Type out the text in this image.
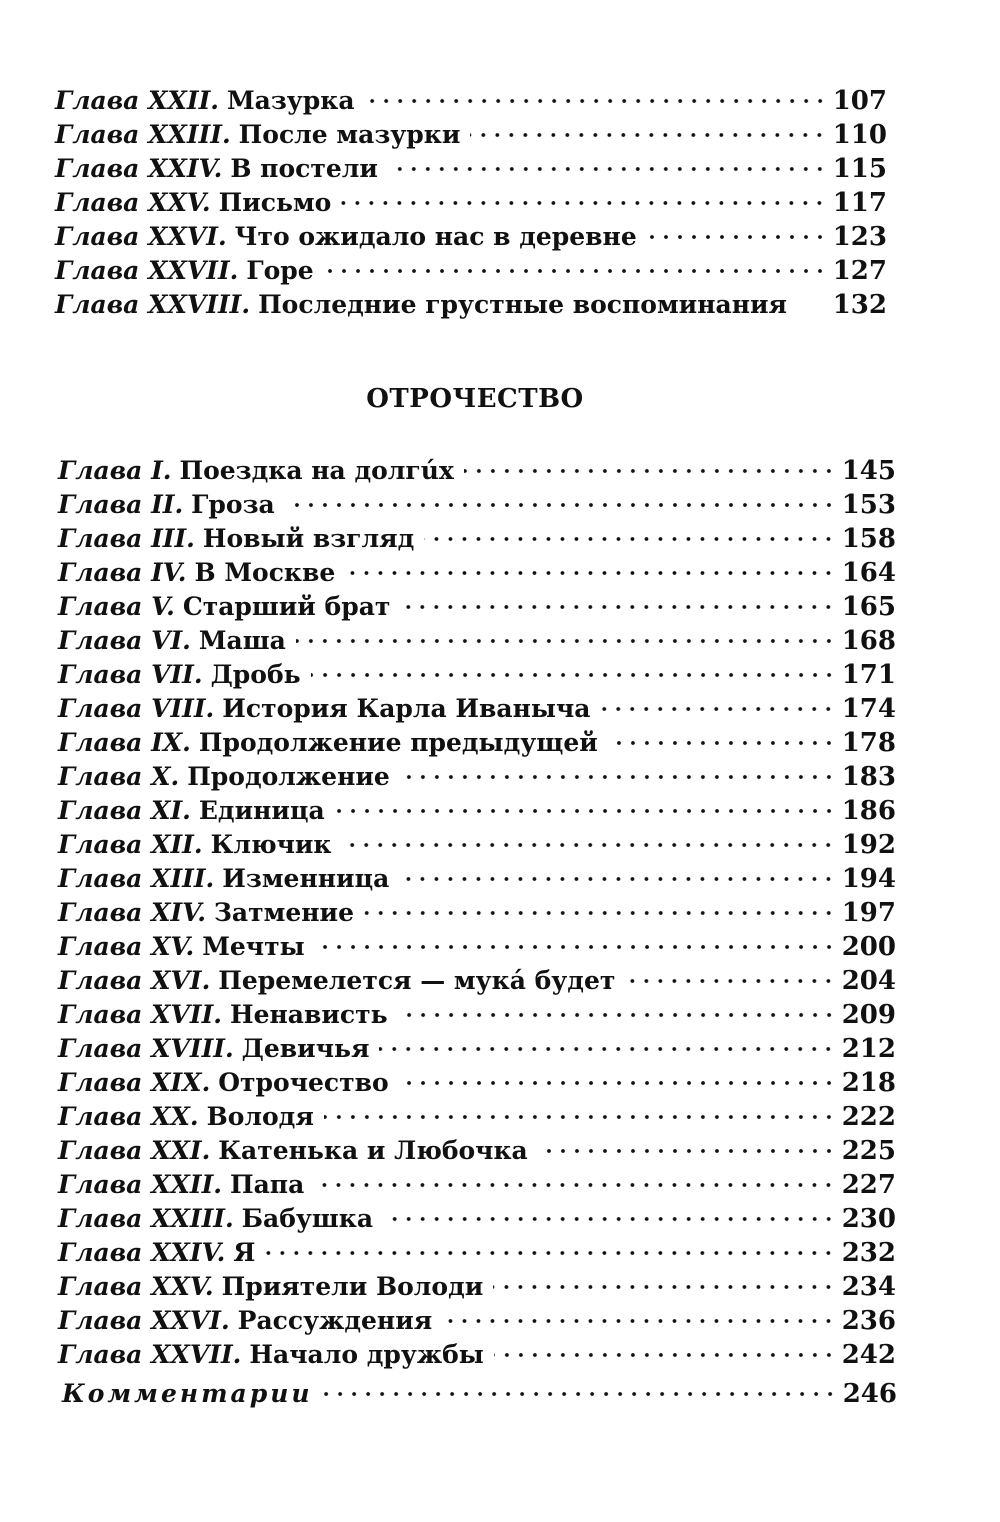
Глава XXII. Мазурка	107
Глава XXIII. После мазурки	110
Глава XXIV. В постели	115
Глава XXV. Письмо	117
Глава XXVI. Что ожидало нас в деревне	123
Глава XXVII. Горе	127
Глава XXVIII. Последние грустные воспоминания 132
ОТРОЧЕСТВО
Глава I. Поездка на долгúх	145
Глава II. Гроза	153
Глава III. Новый взгляд	158
Глава IV. В Москве	164
Глава V. Старший брат	165
Глава VI. Маша	168
Глава VII. Дробь	171
Глава VIII. История Карла Иваныча	174
Глава IX. Продолжение предыдущей	178
Глава X. Продолжение	183
Глава XI. Единица	186
Глава XII. Ключик	192
Глава XIII. Изменница	194
Глава XIV. Затмение	197
Глава XV. Мечты	200
Глава XVI. Перемелется — мукá будет	204
Глава XVII. Ненависть	209
Глава XVIII. Девичья	212
Глава XIX. Отрочество	218
Глава XX. Володя	222
Глава XXI. Катенька и Любочка	225
Глава XXII. Папа	227
Глава XXIII. Бабушка	230
Глава XXIV. Я	232
Глава XXV. Приятели Володи	234
Глава XXVI. Рассуждения	236
Глава XXVII. Начало дружбы	242
Комментарии	246
